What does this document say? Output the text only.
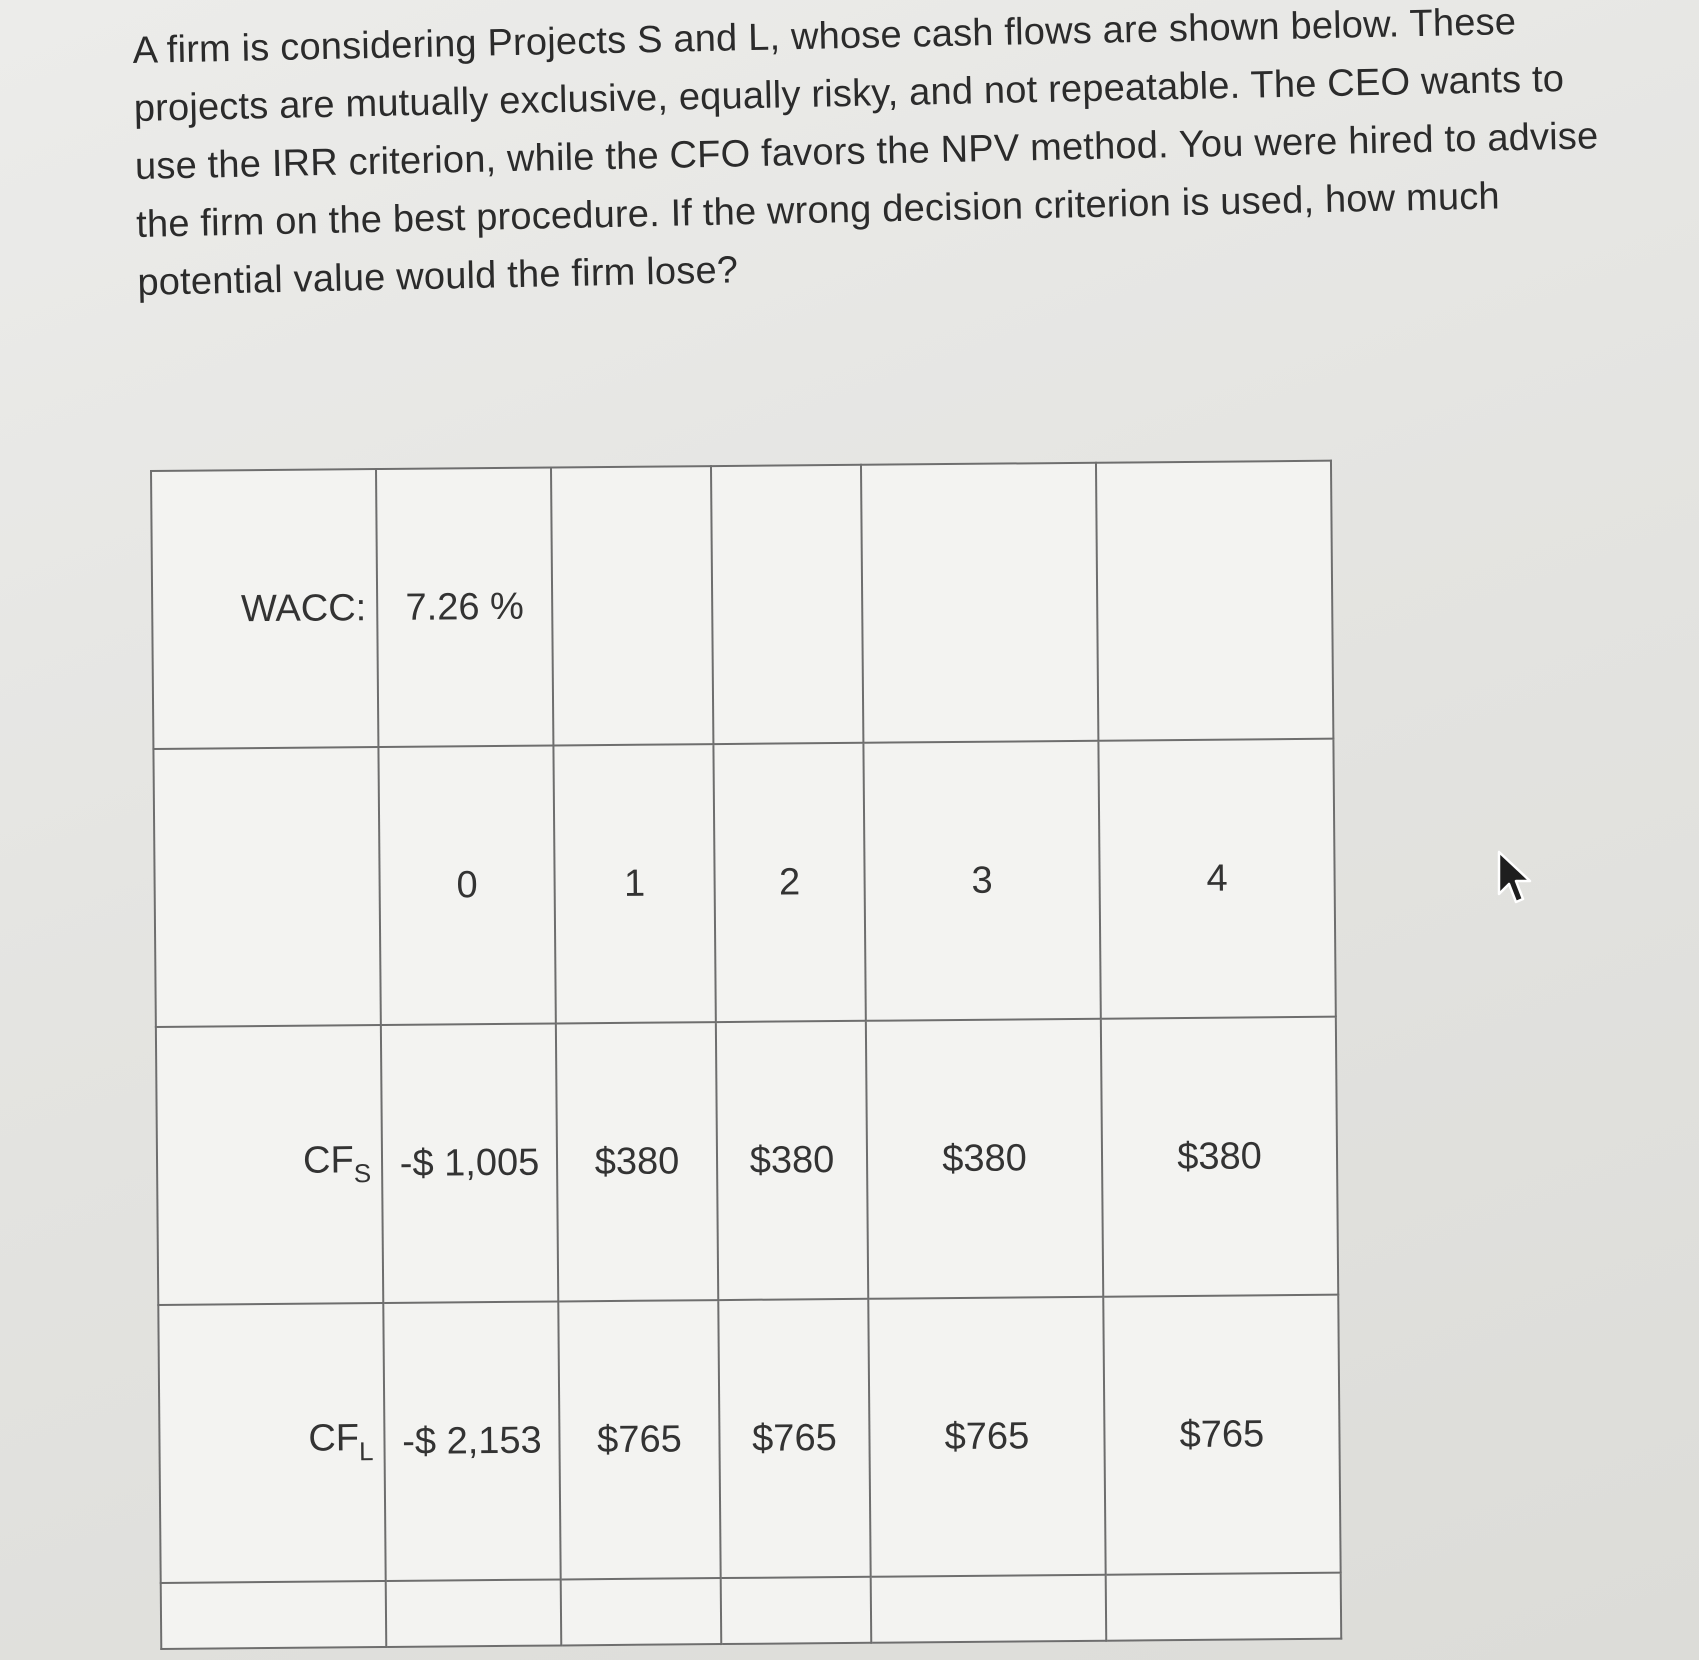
A firm is considering Projects S and L, whose cash flows are shown below. These projects are mutually exclusive, equally risky, and not repeatable. The CEO wants to use the IRR criterion, while the CFO favors the NPV method. You were hired to advise the firm on the best procedure. If the wrong decision criterion is used, how much potential value would the firm lose?

WACC:	7.26 %				
	0	1	2	3	4
$CF_S$	-$ 1,005	$380	$380	$380	$380
$CF_L$	-$ 2,153	$765	$765	$765	$765
